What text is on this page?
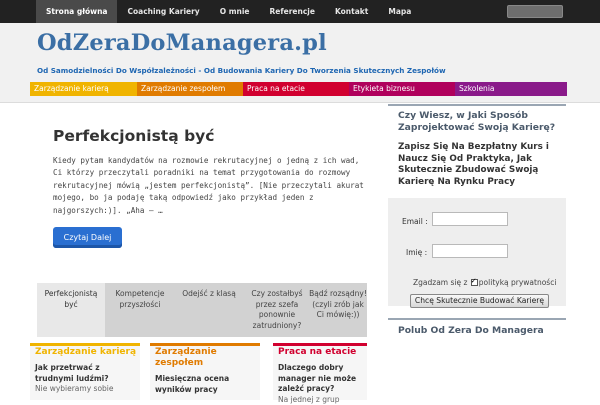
Strona główna	Coaching Kariery	O mnie	Referencje	Kontakt	Mapa
OdZeraDoManagera.pl
Od Samodzielności Do Współzależności - Od Budowania Kariery Do Tworzenia Skutecznych Zespołów
Zarządzanie karierą	Zarządzanie zespołem	Praca na etacie	Etykieta biznesu	Szkolenia
Perfekcjonistą być
Kiedy pytam kandydatów na rozmowie rekrutacyjnej o jedną z ich wad, Ci którzy przeczytali poradniki na temat przygotowania do rozmowy rekrutacyjnej mówią „jestem perfekcjonistą”. [Nie przeczytali akurat mojego, bo ja podaję taką odpowiedź jako przykład jeden z najgorszych:)]. „Aha – …
Czytaj Dalej
Perfekcjonistą być
Kompetencje przyszłości
Odejść z klasą	Czy zostałbyś przez szefa ponownie zatrudniony?
Bądź rozsądny! (czyli zrób jak Ci mówię:))
Zarządzanie karierą
Jak przetrwać z trudnymi ludźmi?
Nie wybieramy sobie
Zarządzanie zespołem
Miesięczna ocena wyników pracy
Praca na etacie
Dlaczego dobry manager nie może zależć pracy?
Na jednej z grup
Czy Wiesz, w Jaki Sposób Zaprojektować Swoją Karierę?
Zapisz Się Na Bezpłatny Kurs i Naucz Się Od Praktyka, Jak Skutecznie Zbudować Swoją Karierę Na Rynku Pracy
Email :
Imię :
Zgadzam się z ✓ polityką prywatności
Chcę Skutecznie Budować Karierę
Polub Od Zera Do Managera
